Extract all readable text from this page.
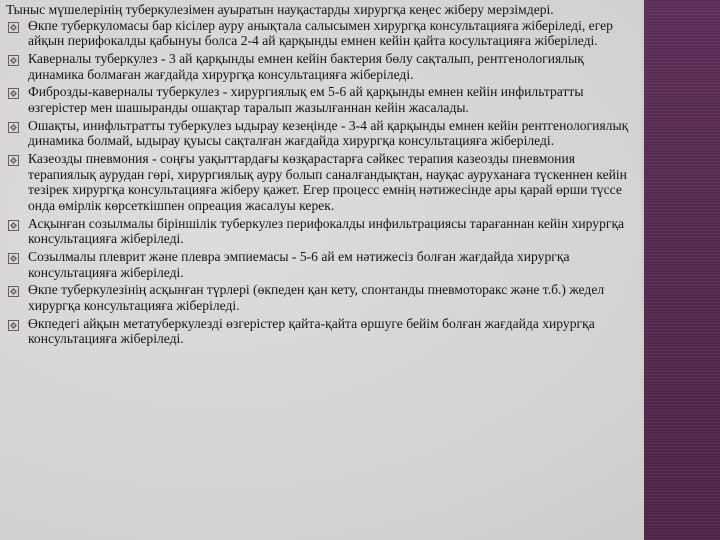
Тыныс мүшелерінің туберкулезімен ауыратын науқастарды хирургқа кеңес жіберу мерзімдері.
Өкпе туберкуломасы бар кісілер ауру анықтала салысымен хирургқа консультацияға жіберіледі, егер айқын перифокалды қабынуы болса 2-4 ай қарқынды емнен кейін қайта косультацияға жіберіледі.
Кавернaлы туберкулез - 3 ай қарқынды емнен кейін бактерия бөлу сақталып, рентгенологиялық динамика болмаған жағдайда хирургқа консультацияға жіберіледі.
Фиброзды-кавернaлы туберкулез - хирургиялық ем 5-6 ай қарқынды емнен кейін инфильтратты өзгерістер мен шашыранды ошақтар таралып жазылғаннан кейін жасалады.
Ошақты, инифльтратты туберкулез ыдырау кезеңінде - 3-4 ай қарқынды емнен кейін рентгенологиялық динамика болмай, ыдырау қуысы сақталған жағдайда хирургқа консультацияға жіберіледі.
Казеозды пневмония - соңғы уақыттардағы көзқарастарға сәйкес терапия казеозды пневмония терапиялық аурудан гөрі, хирургиялық ауру болып саналғандықтан, науқас ауруханаға түскеннен кейін тезірек хирургқа консультацияға жіберу қажет. Егер процесс емнің нәтижесінде ары қарай өрши түссе онда өмірлік көрсеткішпен опреация жасалуы керек.
Асқынған созылмалы біріншілік туберкулез перифокалды инфильтрациясы тарағаннан кейін хирургқа консультацияға жіберіледі.
Созылмалы плеврит және плевра эмпиемасы - 5-6 ай ем нәтижесіз болған жағдайда хирургқа консультацияға жіберіледі.
Өкпе туберкулезінің асқынған түрлері (өкпеден қан кету, спонтанды пневмоторакс және т.б.) жедел хирургқа консультацияға жіберіледі.
Өкпедегі айқын метатуберкулезді өзгерістер қайта-қайта өршуге бейім болған жағдайда хирургқа консультацияға жіберіледі.
